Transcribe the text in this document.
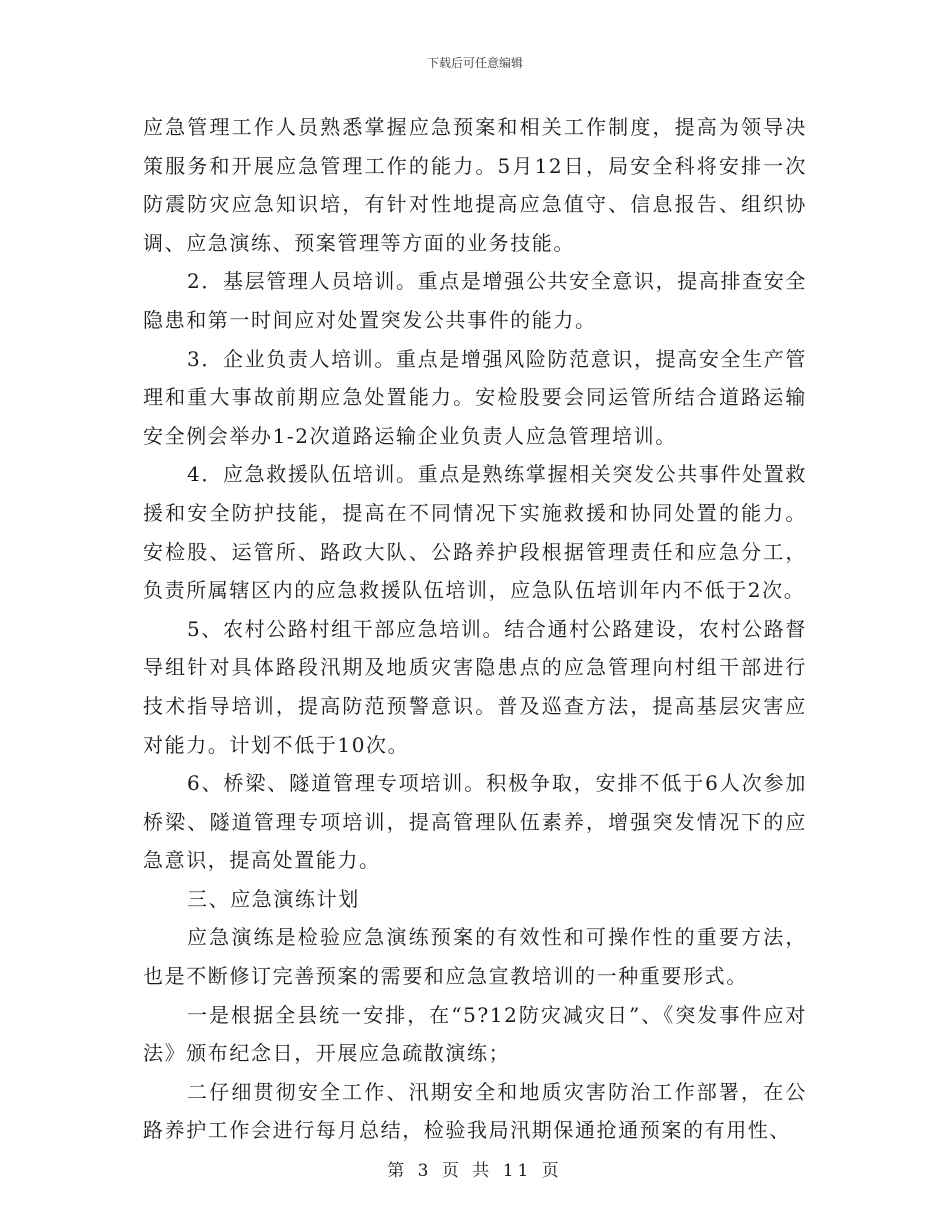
下载后可任意编辑

应急管理工作人员熟悉掌握应急预案和相关工作制度，提高为领导决策服务和开展应急管理工作的能力。5月12日，局安全科将安排一次防震防灾应急知识培，有针对性地提高应急值守、信息报告、组织协调、应急演练、预案管理等方面的业务技能。

2．基层管理人员培训。重点是增强公共安全意识，提高排查安全隐患和第一时间应对处置突发公共事件的能力。

3．企业负责人培训。重点是增强风险防范意识，提高安全生产管理和重大事故前期应急处置能力。安检股要会同运管所结合道路运输安全例会举办1-2次道路运输企业负责人应急管理培训。

4．应急救援队伍培训。重点是熟练掌握相关突发公共事件处置救援和安全防护技能，提高在不同情况下实施救援和协同处置的能力。安检股、运管所、路政大队、公路养护段根据管理责任和应急分工，负责所属辖区内的应急救援队伍培训，应急队伍培训年内不低于2次。

5、农村公路村组干部应急培训。结合通村公路建设，农村公路督导组针对具体路段汛期及地质灾害隐患点的应急管理向村组干部进行技术指导培训，提高防范预警意识。普及巡查方法，提高基层灾害应对能力。计划不低于10次。

6、桥梁、隧道管理专项培训。积极争取，安排不低于6人次参加桥梁、隧道管理专项培训，提高管理队伍素养，增强突发情况下的应急意识，提高处置能力。

三、应急演练计划

应急演练是检验应急演练预案的有效性和可操作性的重要方法，也是不断修订完善预案的需要和应急宣教培训的一种重要形式。

一是根据全县统一安排，在“5?12防灾减灾日”、《突发事件应对法》颁布纪念日，开展应急疏散演练；

二仔细贯彻安全工作、汛期安全和地质灾害防治工作部署，在公路养护工作会进行每月总结，检验我局汛期保通抢通预案的有用性、

第 3 页 共 11 页
